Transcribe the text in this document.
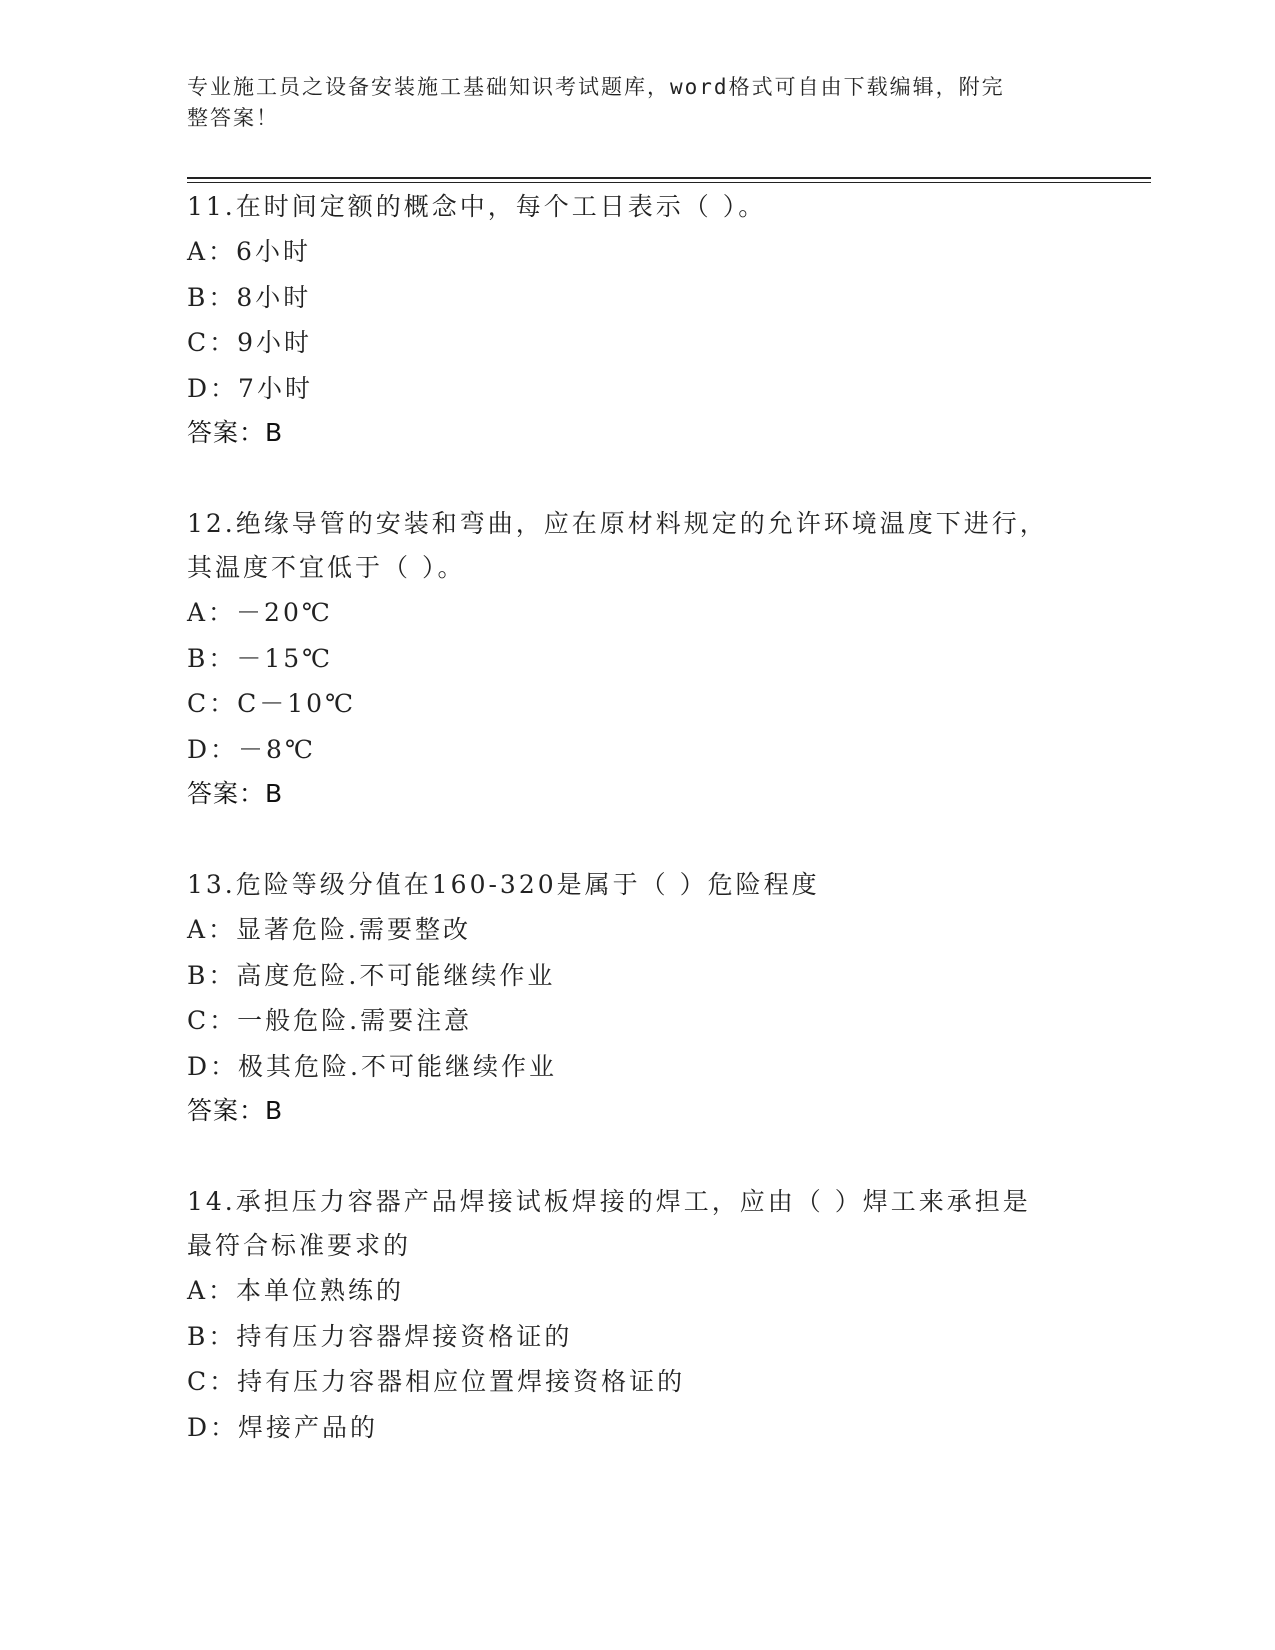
专业施工员之设备安装施工基础知识考试题库，word格式可自由下载编辑，附完
整答案！
11.在时间定额的概念中，每个工日表示（ ）。
A：6小时
B：8小时
C：9小时
D：7小时
答案：B
12.绝缘导管的安装和弯曲，应在原材料规定的允许环境温度下进行，
其温度不宜低于（ ）。
A：－20℃
B：－15℃
C：C－10℃
D：－8℃
答案：B
13.危险等级分值在160-320是属于（ ）危险程度
A：显著危险.需要整改
B：高度危险.不可能继续作业
C：一般危险.需要注意
D：极其危险.不可能继续作业
答案：B
14.承担压力容器产品焊接试板焊接的焊工，应由（ ）焊工来承担是
最符合标准要求的
A：本单位熟练的
B：持有压力容器焊接资格证的
C：持有压力容器相应位置焊接资格证的
D：焊接产品的
